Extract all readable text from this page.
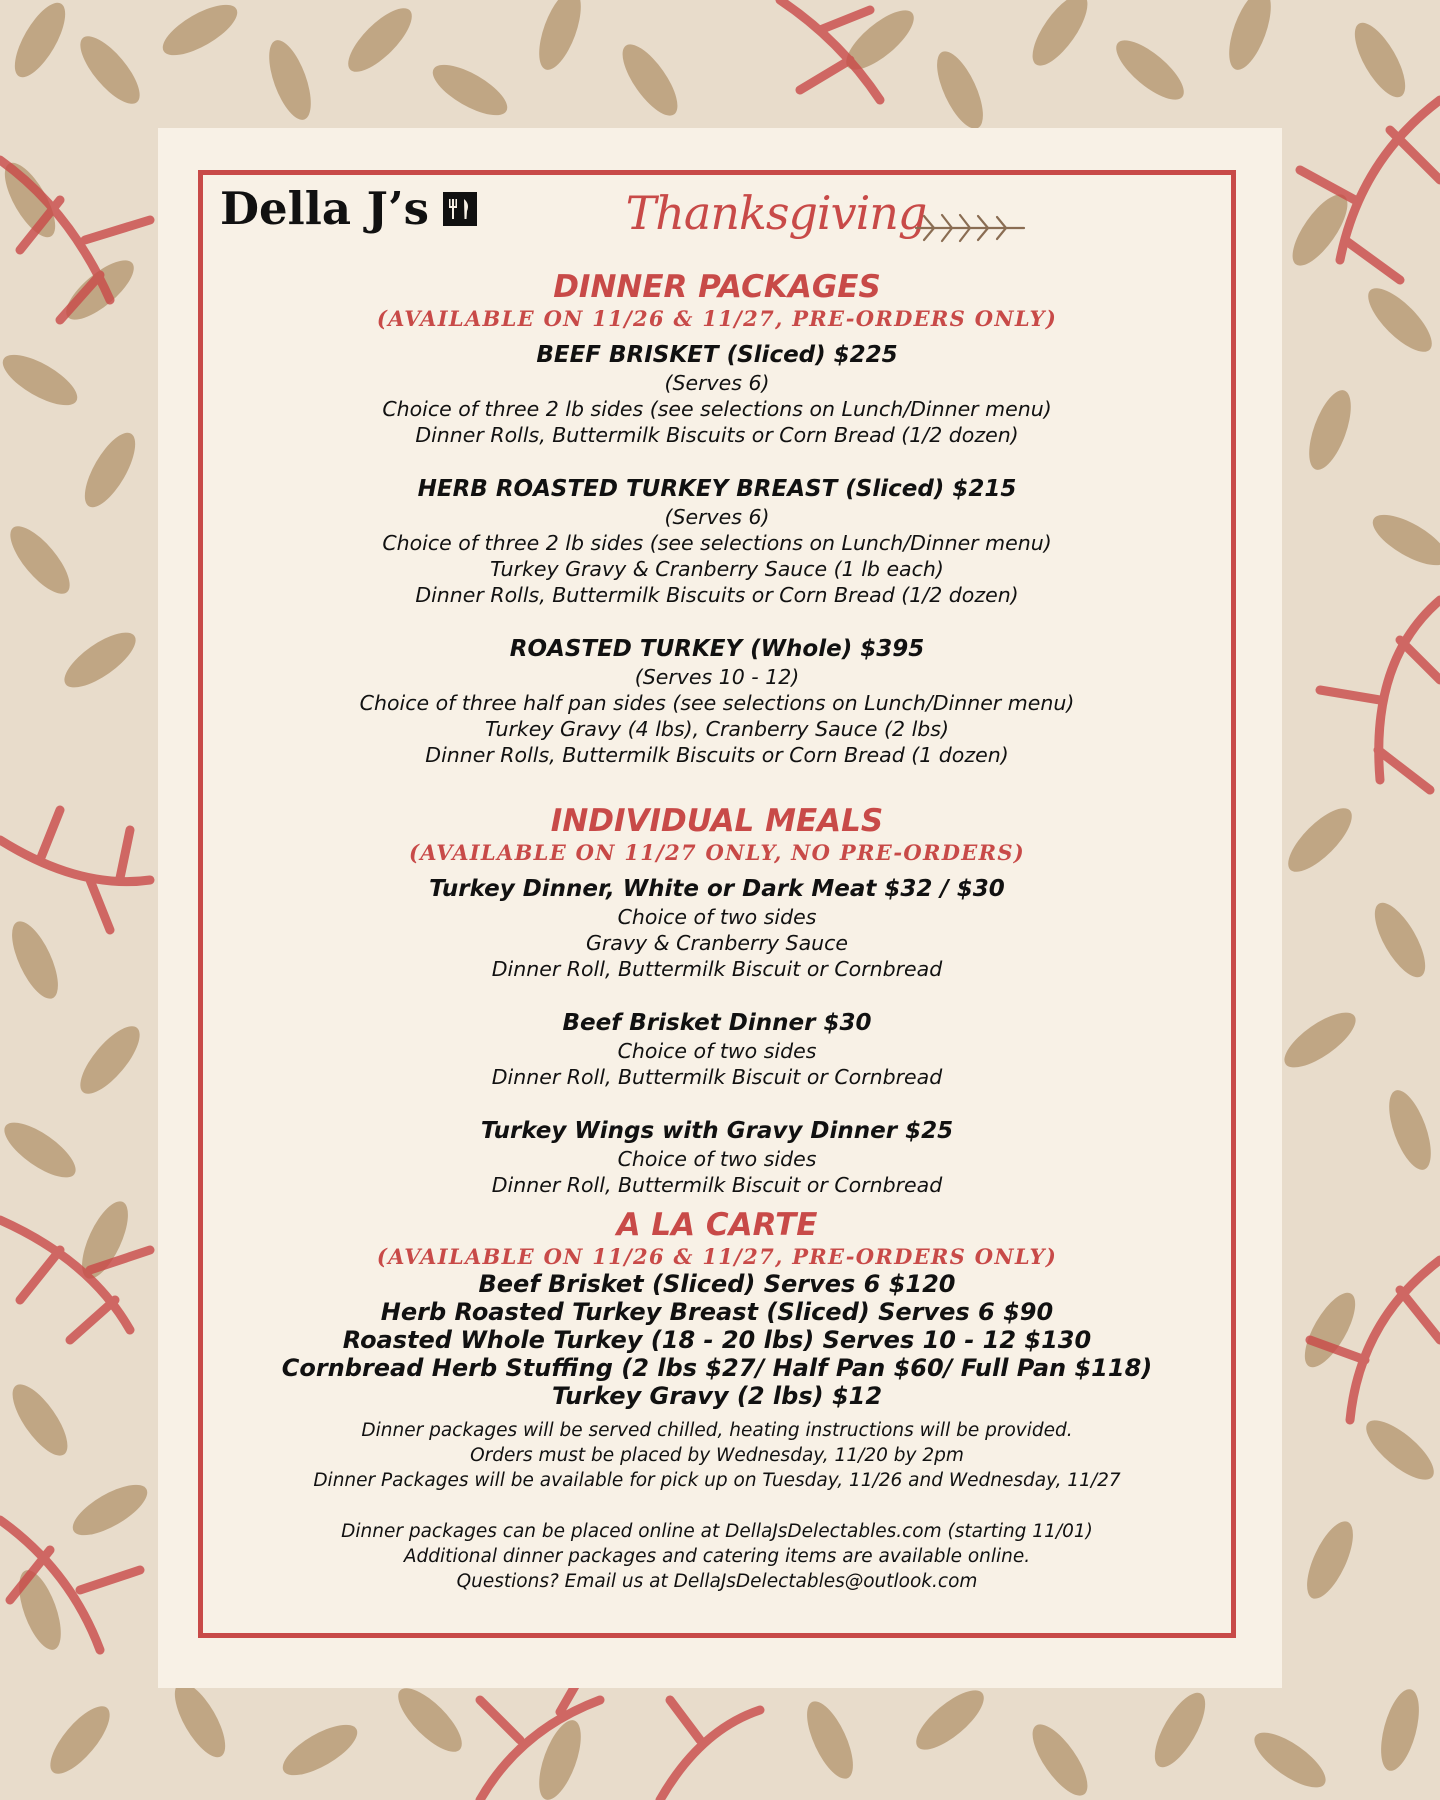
Della J’s	Thanksgiving
DINNER PACKAGES
(AVAILABLE ON 11/26 & 11/27, PRE-ORDERS ONLY)
BEEF BRISKET (Sliced) $225
(Serves 6)
Choice of three 2 lb sides (see selections on Lunch/Dinner menu)
Dinner Rolls, Buttermilk Biscuits or Corn Bread (1/2 dozen)
HERB ROASTED TURKEY BREAST (Sliced) $215
(Serves 6)
Choice of three 2 lb sides (see selections on Lunch/Dinner menu)
Turkey Gravy & Cranberry Sauce (1 lb each)
Dinner Rolls, Buttermilk Biscuits or Corn Bread (1/2 dozen)
ROASTED TURKEY (Whole) $395
(Serves 10 - 12)
Choice of three half pan sides (see selections on Lunch/Dinner menu)
Turkey Gravy (4 lbs), Cranberry Sauce (2 lbs)
Dinner Rolls, Buttermilk Biscuits or Corn Bread (1 dozen)
INDIVIDUAL MEALS
(AVAILABLE ON 11/27 ONLY, NO PRE-ORDERS)
Turkey Dinner, White or Dark Meat $32 / $30
Choice of two sides
Gravy & Cranberry Sauce
Dinner Roll, Buttermilk Biscuit or Cornbread
Beef Brisket Dinner $30
Choice of two sides
Dinner Roll, Buttermilk Biscuit or Cornbread
Turkey Wings with Gravy Dinner $25
Choice of two sides
Dinner Roll, Buttermilk Biscuit or Cornbread
A LA CARTE
(AVAILABLE ON 11/26 & 11/27, PRE-ORDERS ONLY)
Beef Brisket (Sliced) Serves 6 $120
Herb Roasted Turkey Breast (Sliced) Serves 6 $90
Roasted Whole Turkey (18 - 20 lbs) Serves 10 - 12 $130
Cornbread Herb Stuffing (2 lbs $27/ Half Pan $60/ Full Pan $118)
Turkey Gravy (2 lbs) $12
Dinner packages will be served chilled, heating instructions will be provided.
Orders must be placed by Wednesday, 11/20 by 2pm
Dinner Packages will be available for pick up on Tuesday, 11/26 and Wednesday, 11/27
Dinner packages can be placed online at DellaJsDelectables.com (starting 11/01)
Additional dinner packages and catering items are available online.
Questions? Email us at DellaJsDelectables@outlook.com
